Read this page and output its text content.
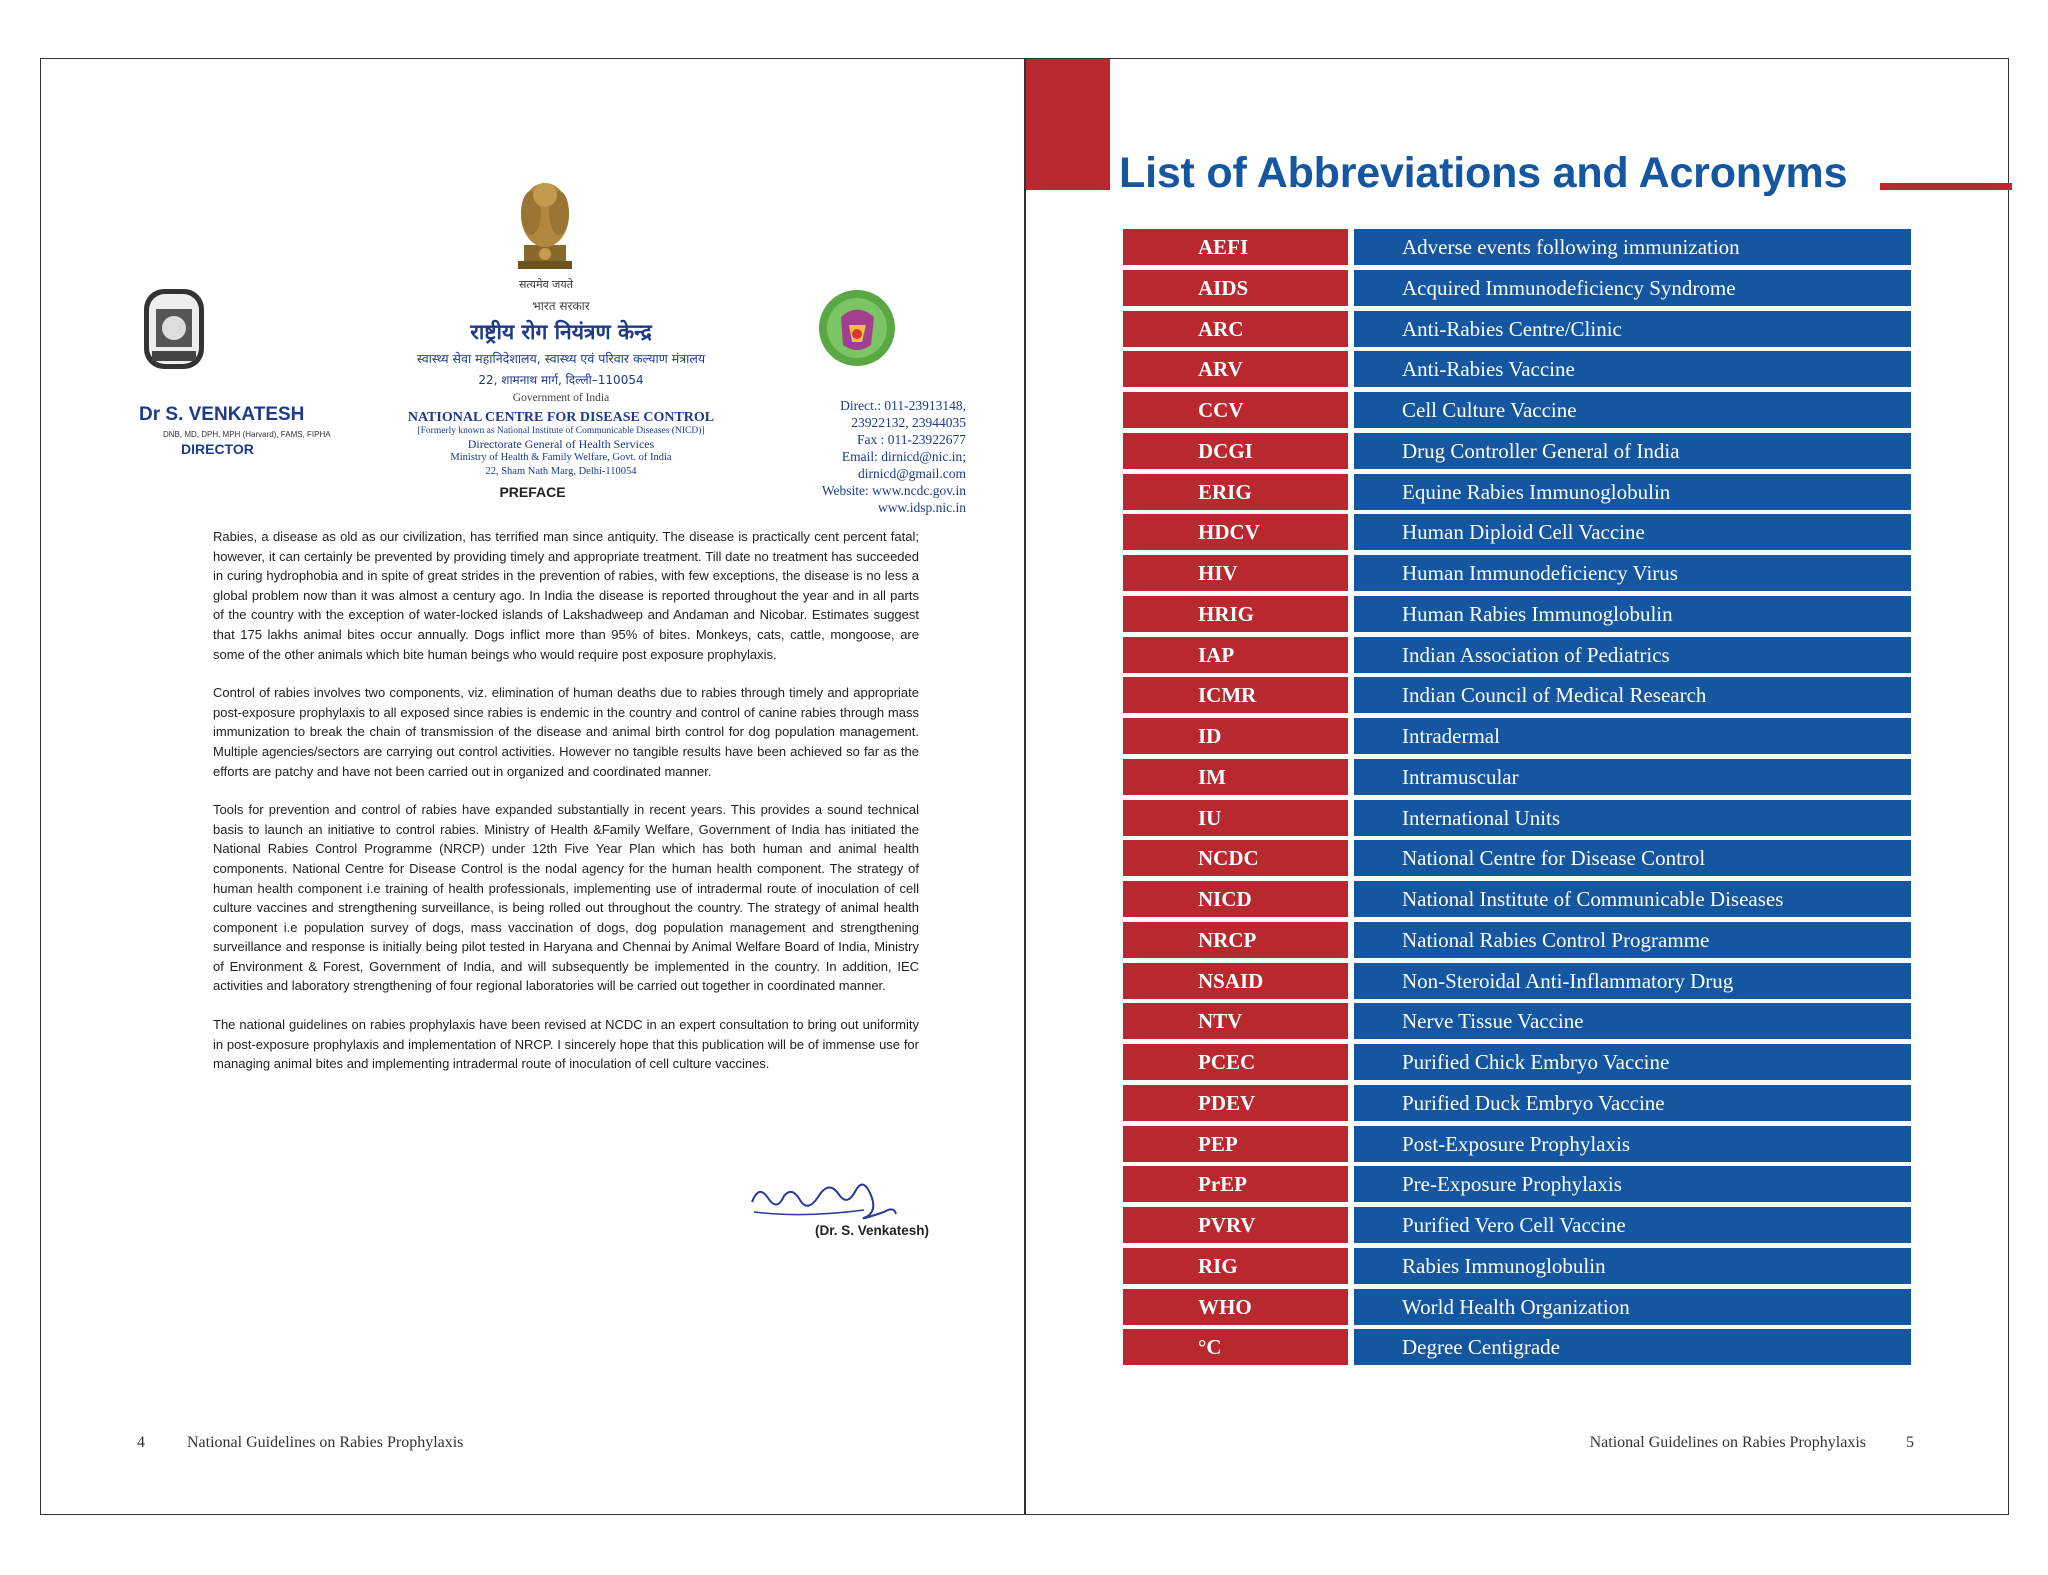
सत्यमेव जयते
भारत सरकार
राष्ट्रीय रोग नियंत्रण केन्द्र
स्वास्थ्य सेवा महानिदेशालय, स्वास्थ्य एवं परिवार कल्याण मंत्रालय
22, शामनाथ मार्ग, दिल्ली–110054
Government of India
NATIONAL CENTRE FOR DISEASE CONTROL
[Formerly known as National Institute of Communicable Diseases (NICD)]
Directorate General of Health Services
Ministry of Health & Family Welfare, Govt. of India
22, Sham Nath Marg, Delhi-110054
Dr S. VENKATESH
DNB, MD, DPH, MPH (Harvard), FAMS, FIPHA
DIRECTOR
Direct.: 011-23913148,
23922132, 23944035
Fax : 011-23922677
Email: dirnicd@nic.in;
dirnicd@gmail.com
Website: www.ncdc.gov.in
www.idsp.nic.in
PREFACE

Rabies, a disease as old as our civilization, has terrified man since antiquity. The disease is practically cent percent fatal; however, it can certainly be prevented by providing timely and appropriate treatment. Till date no treatment has succeeded in curing hydrophobia and in spite of great strides in the prevention of rabies, with few exceptions, the disease is no less a global problem now than it was almost a century ago. In India the disease is reported throughout the year and in all parts of the country with the exception of water-locked islands of Lakshadweep and Andaman and Nicobar. Estimates suggest that 175 lakhs animal bites occur annually. Dogs inflict more than 95% of bites. Monkeys, cats, cattle, mongoose, are some of the other animals which bite human beings who would require post exposure prophylaxis.

Control of rabies involves two components, viz. elimination of human deaths due to rabies through timely and appropriate post-exposure prophylaxis to all exposed since rabies is endemic in the country and control of canine rabies through mass immunization to break the chain of transmission of the disease and animal birth control for dog population management. Multiple agencies/sectors are carrying out control activities. However no tangible results have been achieved so far as the efforts are patchy and have not been carried out in organized and coordinated manner.

Tools for prevention and control of rabies have expanded substantially in recent years. This provides a sound technical basis to launch an initiative to control rabies. Ministry of Health &Family Welfare, Government of India has initiated the National Rabies Control Programme (NRCP) under 12th Five Year Plan which has both human and animal health components. National Centre for Disease Control is the nodal agency for the human health component. The strategy of human health component i.e training of health professionals, implementing use of intradermal route of inoculation of cell culture vaccines and strengthening surveillance, is being rolled out throughout the country. The strategy of animal health component i.e population survey of dogs, mass vaccination of dogs, dog population management and strengthening surveillance and response is initially being pilot tested in Haryana and Chennai by Animal Welfare Board of India, Ministry of Environment & Forest, Government of India, and will subsequently be implemented in the country. In addition, IEC activities and laboratory strengthening of four regional laboratories will be carried out together in coordinated manner.

The national guidelines on rabies prophylaxis have been revised at NCDC in an expert consultation to bring out uniformity in post-exposure prophylaxis and implementation of NRCP. I sincerely hope that this publication will be of immense use for managing animal bites and implementing intradermal route of inoculation of cell culture vaccines.

(Dr. S. Venkatesh)
4	National Guidelines on Rabies Prophylaxis
List of Abbreviations and Acronyms
AEFI	Adverse events following immunization
AIDS	Acquired Immunodeficiency Syndrome
ARC	Anti-Rabies Centre/Clinic
ARV	Anti-Rabies Vaccine
CCV	Cell Culture Vaccine
DCGI	Drug Controller General of India
ERIG	Equine Rabies Immunoglobulin
HDCV	Human Diploid Cell Vaccine
HIV	Human Immunodeficiency Virus
HRIG	Human Rabies Immunoglobulin
IAP	Indian Association of Pediatrics
ICMR	Indian Council of Medical Research
ID	Intradermal
IM	Intramuscular
IU	International Units
NCDC	National Centre for Disease Control
NICD	National Institute of Communicable Diseases
NRCP	National Rabies Control Programme
NSAID	Non-Steroidal Anti-Inflammatory Drug
NTV	Nerve Tissue Vaccine
PCEC	Purified Chick Embryo Vaccine
PDEV	Purified Duck Embryo Vaccine
PEP	Post-Exposure Prophylaxis
PrEP	Pre-Exposure Prophylaxis
PVRV	Purified Vero Cell Vaccine
RIG	Rabies Immunoglobulin
WHO	World Health Organization
°C	Degree Centigrade
National Guidelines on Rabies Prophylaxis	5
